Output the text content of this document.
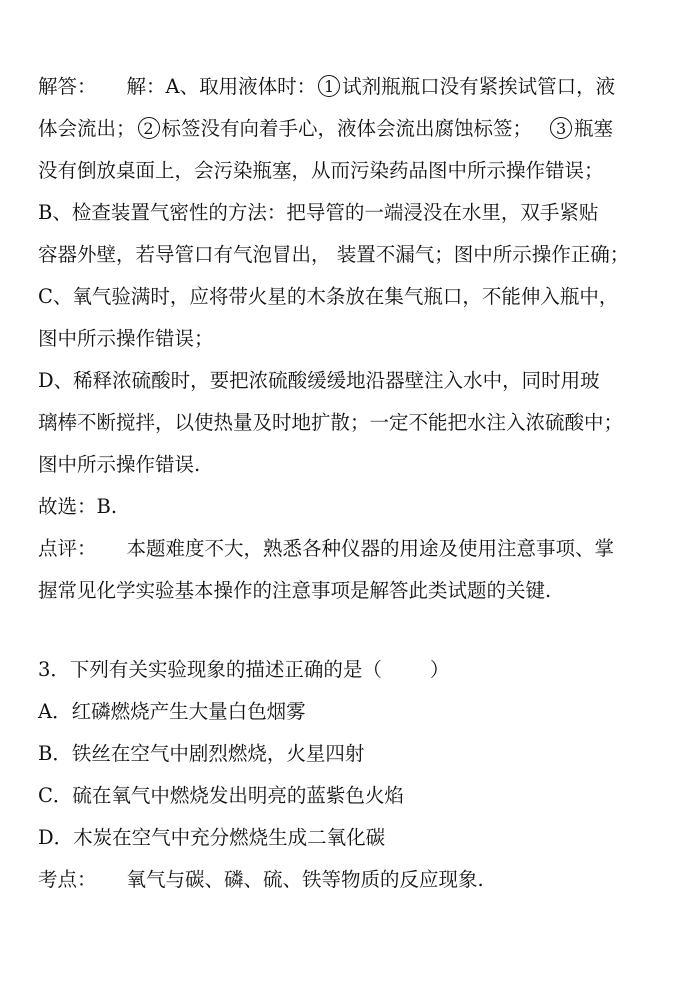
解答： 解：A、取用液体时： 1 试剂瓶瓶口没有紧挨试管口，液
体会流出； 2 标签没有向着手心，液体会流出腐蚀标签； 3 瓶塞
没有倒放桌面上，会污染瓶塞，从而污染药品图中所示操作错误；
B、检查装置气密性的方法：把导管的一端浸没在水里，双手紧贴
容器外壁，若导管口有气泡冒出， 装置不漏气；图中所示操作正确；
C、氧气验满时，应将带火星的木条放在集气瓶口，不能伸入瓶中，
图中所示操作错误；
D、稀释浓硫酸时，要把浓硫酸缓缓地沿器壁注入水中，同时用玻
璃棒不断搅拌，以使热量及时地扩散；一定不能把水注入浓硫酸中；
图中所示操作错误.
故选：B.
点评： 本题难度不大，熟悉各种仪器的用途及使用注意事项、掌
握常见化学实验基本操作的注意事项是解答此类试题的关键.
3．下列有关实验现象的描述正确的是（ ）
A．红磷燃烧产生大量白色烟雾
B．铁丝在空气中剧烈燃烧，火星四射
C．硫在氧气中燃烧发出明亮的蓝紫色火焰
D．木炭在空气中充分燃烧生成二氧化碳
考点： 氧气与碳、磷、硫、铁等物质的反应现象.
